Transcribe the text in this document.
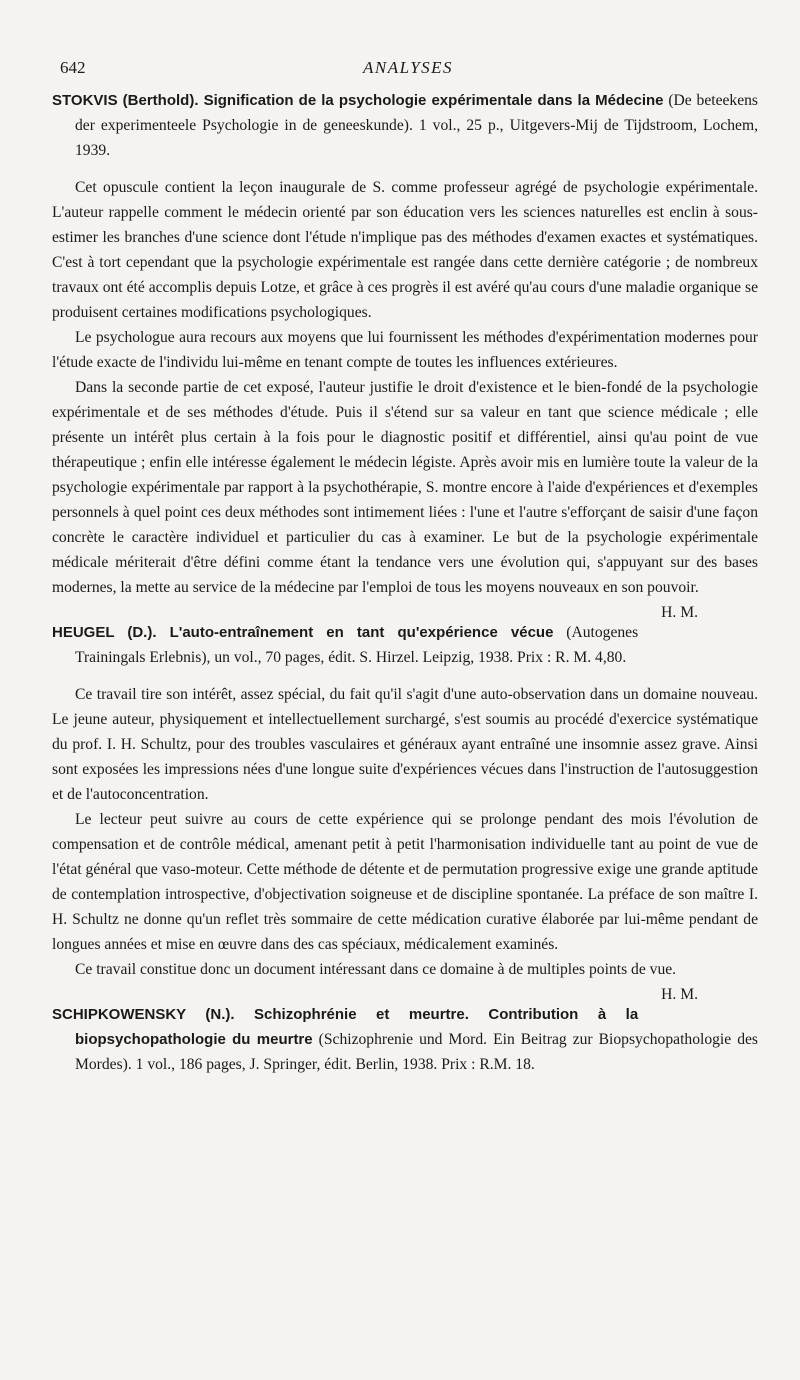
642	ANALYSES

STOKVIS (Berthold). Signification de la psychologie expérimentale dans la Médecine (De beteekens der experimenteele Psychologie in de geneeskunde). 1 vol., 25 p., Uitgevers-Mij de Tijdstroom, Lochem, 1939.

Cet opuscule contient la leçon inaugurale de S. comme professeur agrégé de psychologie expérimentale. L'auteur rappelle comment le médecin orienté par son éducation vers les sciences naturelles est enclin à sous-estimer les branches d'une science dont l'étude n'implique pas des méthodes d'examen exactes et systématiques. C'est à tort cependant que la psychologie expérimentale est rangée dans cette dernière catégorie ; de nombreux travaux ont été accomplis depuis Lotze, et grâce à ces progrès il est avéré qu'au cours d'une maladie organique se produisent certaines modifications psychologiques.

Le psychologue aura recours aux moyens que lui fournissent les méthodes d'expérimentation modernes pour l'étude exacte de l'individu lui-même en tenant compte de toutes les influences extérieures.

Dans la seconde partie de cet exposé, l'auteur justifie le droit d'existence et le bien-fondé de la psychologie expérimentale et de ses méthodes d'étude. Puis il s'étend sur sa valeur en tant que science médicale ; elle présente un intérêt plus certain à la fois pour le diagnostic positif et différentiel, ainsi qu'au point de vue thérapeutique ; enfin elle intéresse également le médecin légiste. Après avoir mis en lumière toute la valeur de la psychologie expérimentale par rapport à la psychothérapie, S. montre encore à l'aide d'expériences et d'exemples personnels à quel point ces deux méthodes sont intimement liées : l'une et l'autre s'efforçant de saisir d'une façon concrète le caractère individuel et particulier du cas à examiner. Le but de la psychologie expérimentale médicale mériterait d'être défini comme étant la tendance vers une évolution qui, s'appuyant sur des bases modernes, la mette au service de la médecine par l'emploi de tous les moyens nouveaux en son pouvoir.
H. M.

HEUGEL (D.). L'auto-entraînement en tant qu'expérience vécue (Autogenes Trainingals Erlebnis), un vol., 70 pages, édit. S. Hirzel. Leipzig, 1938. Prix : R. M. 4,80.

Ce travail tire son intérêt, assez spécial, du fait qu'il s'agit d'une auto-observation dans un domaine nouveau. Le jeune auteur, physiquement et intellectuellement surchargé, s'est soumis au procédé d'exercice systématique du prof. I. H. Schultz, pour des troubles vasculaires et généraux ayant entraîné une insomnie assez grave. Ainsi sont exposées les impressions nées d'une longue suite d'expériences vécues dans l'instruction de l'autosuggestion et de l'autoconcentration.

Le lecteur peut suivre au cours de cette expérience qui se prolonge pendant des mois l'évolution de compensation et de contrôle médical, amenant petit à petit l'harmonisation individuelle tant au point de vue de l'état général que vaso-moteur. Cette méthode de détente et de permutation progressive exige une grande aptitude de contemplation introspective, d'objectivation soigneuse et de discipline spontanée. La préface de son maître I. H. Schultz ne donne qu'un reflet très sommaire de cette médication curative élaborée par lui-même pendant de longues années et mise en œuvre dans des cas spéciaux, médicalement examinés.

Ce travail constitue donc un document intéressant dans ce domaine à de multiples points de vue.
H. M.

SCHIPKOWENSKY (N.). Schizophrénie et meurtre. Contribution à la biopsychopathologie du meurtre (Schizophrenie und Mord. Ein Beitrag zur Biopsychopathologie des Mordes). 1 vol., 186 pages, J. Springer, édit. Berlin, 1938. Prix : R.M. 18.
